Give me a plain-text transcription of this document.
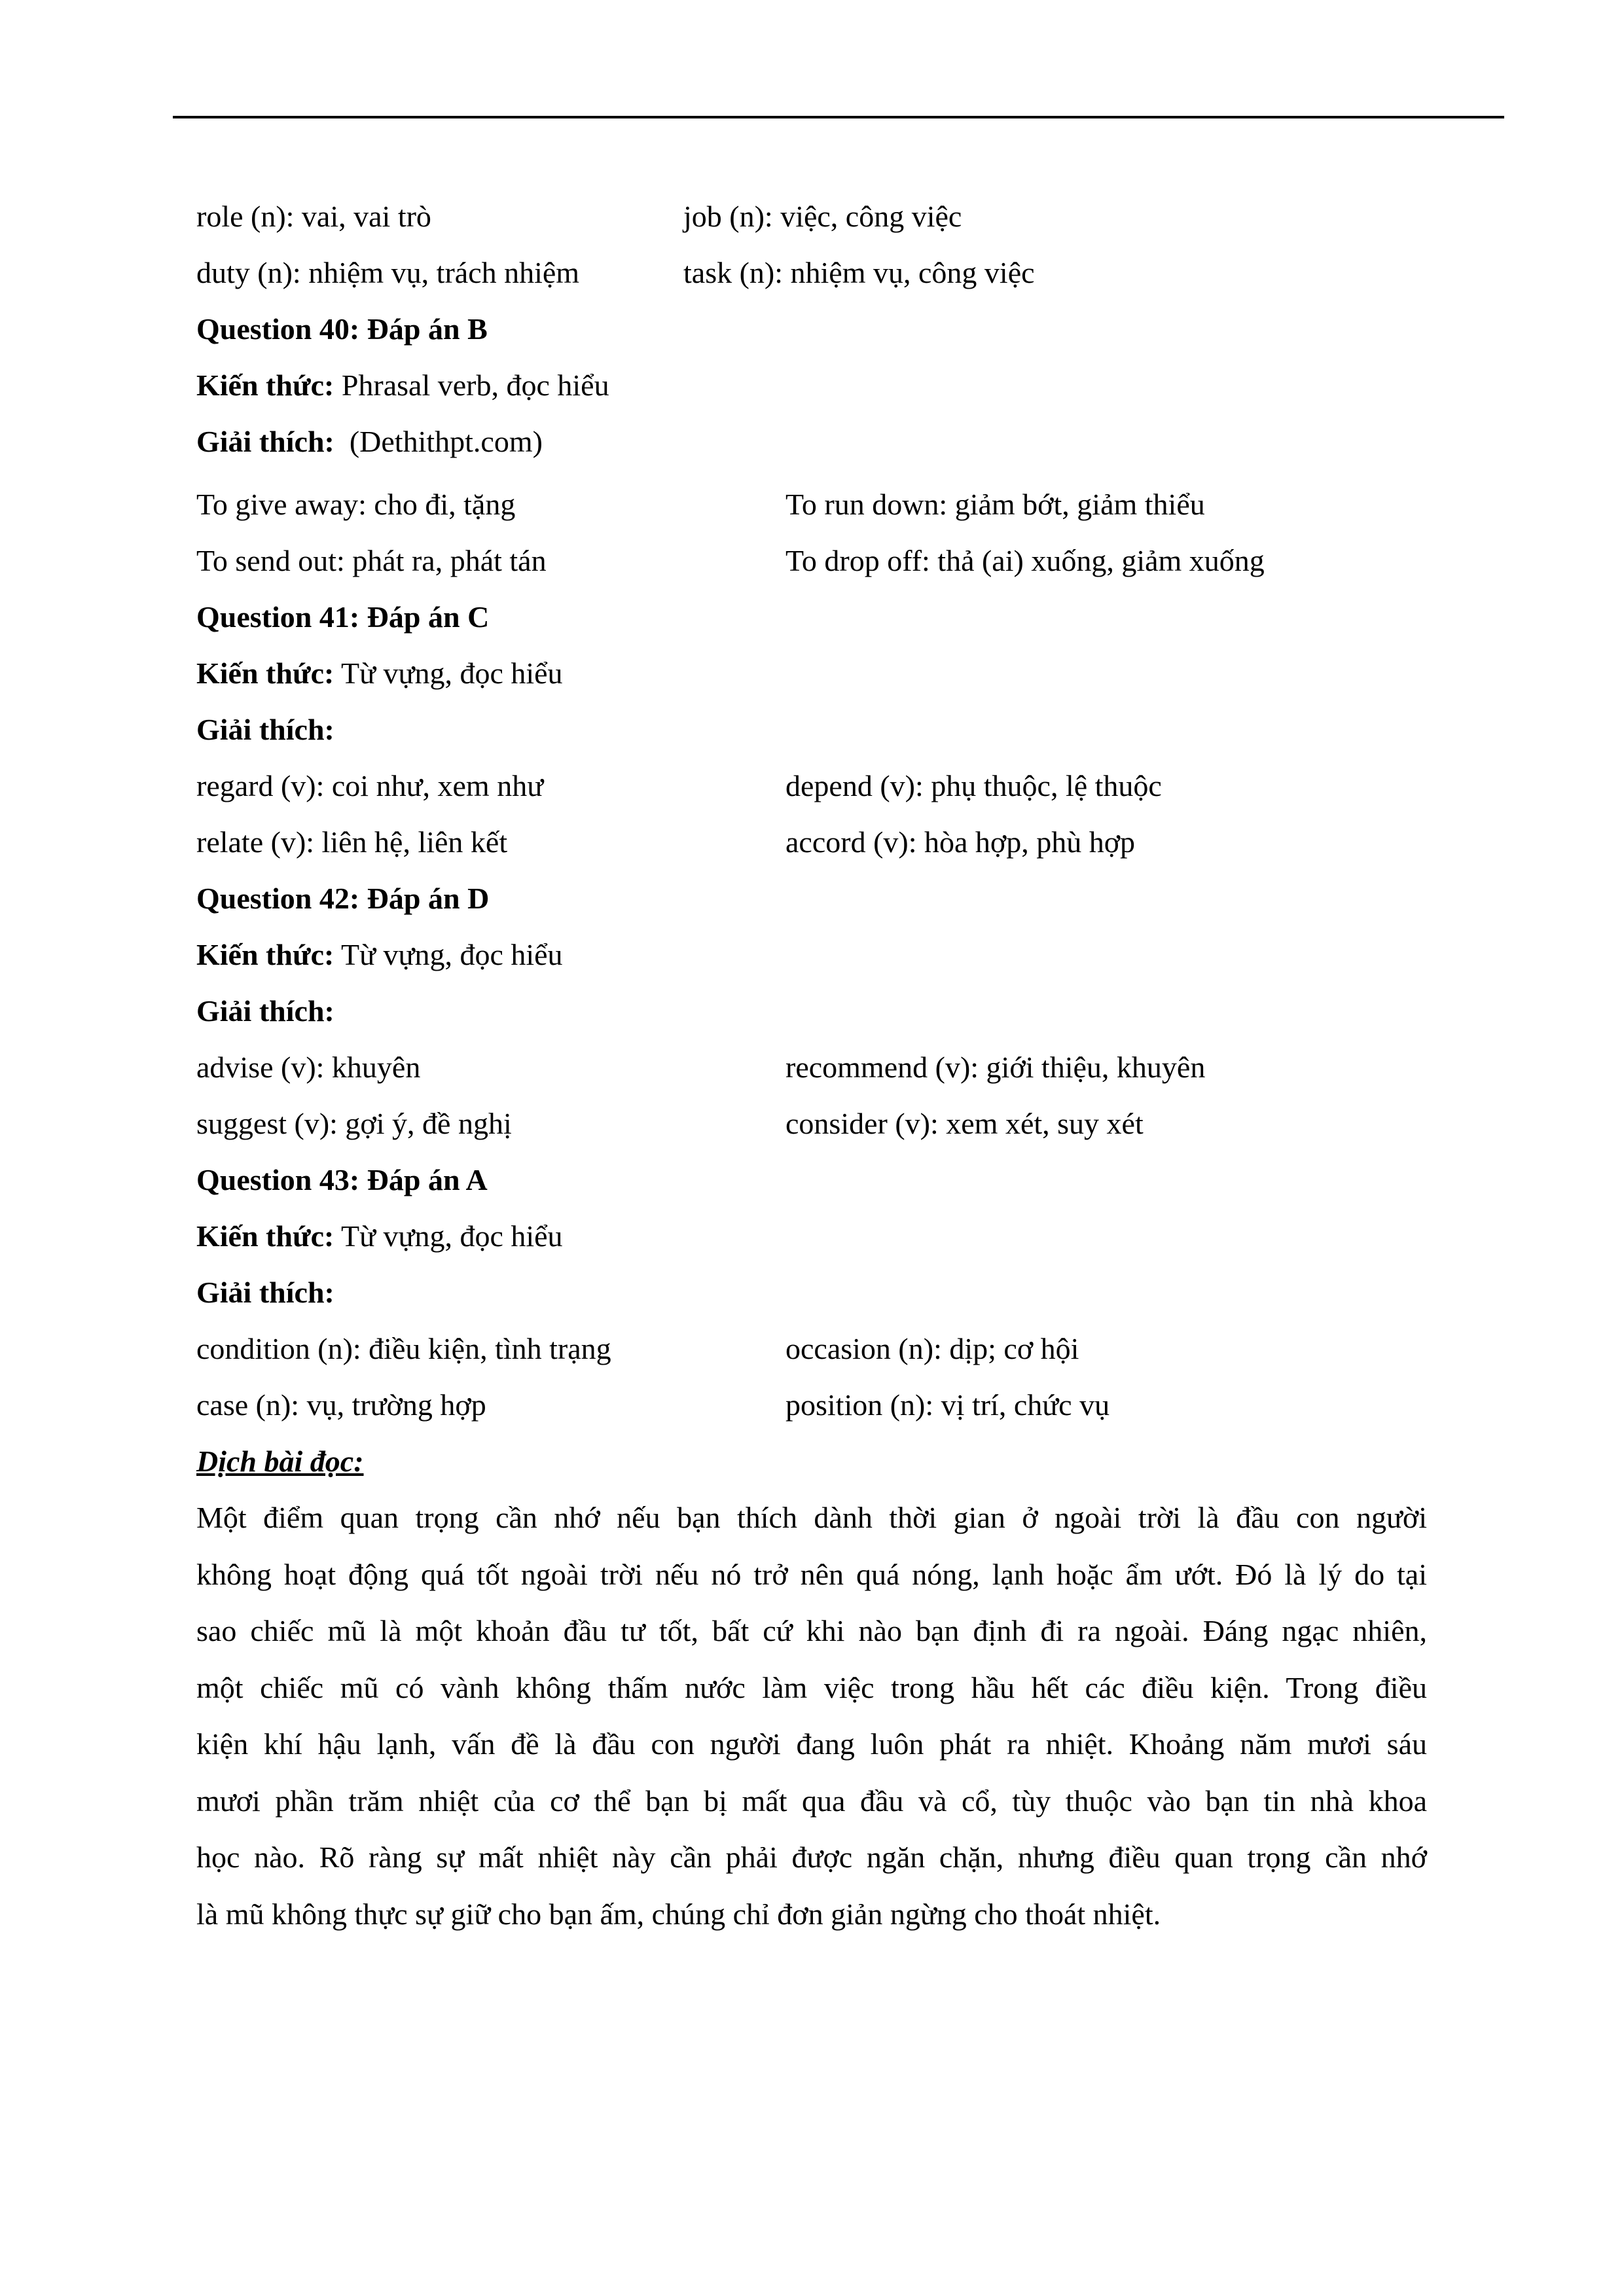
role (n): vai, vai trò	job (n): việc, công việc
duty (n): nhiệm vụ, trách nhiệm	task (n): nhiệm vụ, công việc
Question 40: Đáp án B
Kiến thức: Phrasal verb, đọc hiểu
Giải thích: (Dethithpt.com)
To give away: cho đi, tặng	To run down: giảm bớt, giảm thiểu
To send out: phát ra, phát tán	To drop off: thả (ai) xuống, giảm xuống
Question 41: Đáp án C
Kiến thức: Từ vựng, đọc hiểu
Giải thích:
regard (v): coi như, xem như	depend (v): phụ thuộc, lệ thuộc
relate (v): liên hệ, liên kết	accord (v): hòa hợp, phù hợp
Question 42: Đáp án D
Kiến thức: Từ vựng, đọc hiểu
Giải thích:
advise (v): khuyên	recommend (v): giới thiệu, khuyên
suggest (v): gợi ý, đề nghị	consider (v): xem xét, suy xét
Question 43: Đáp án A
Kiến thức: Từ vựng, đọc hiểu
Giải thích:
condition (n): điều kiện, tình trạng	occasion (n): dịp; cơ hội
case (n): vụ, trường hợp	position (n): vị trí, chức vụ
Dịch bài đọc:
Một điểm quan trọng cần nhớ nếu bạn thích dành thời gian ở ngoài trời là đầu con người
không hoạt động quá tốt ngoài trời nếu nó trở nên quá nóng, lạnh hoặc ẩm ướt. Đó là lý do tại
sao chiếc mũ là một khoản đầu tư tốt, bất cứ khi nào bạn định đi ra ngoài. Đáng ngạc nhiên,
một chiếc mũ có vành không thấm nước làm việc trong hầu hết các điều kiện. Trong điều
kiện khí hậu lạnh, vấn đề là đầu con người đang luôn phát ra nhiệt. Khoảng năm mươi sáu
mươi phần trăm nhiệt của cơ thể bạn bị mất qua đầu và cổ, tùy thuộc vào bạn tin nhà khoa
học nào. Rõ ràng sự mất nhiệt này cần phải được ngăn chặn, nhưng điều quan trọng cần nhớ
là mũ không thực sự giữ cho bạn ấm, chúng chỉ đơn giản ngừng cho thoát nhiệt.
